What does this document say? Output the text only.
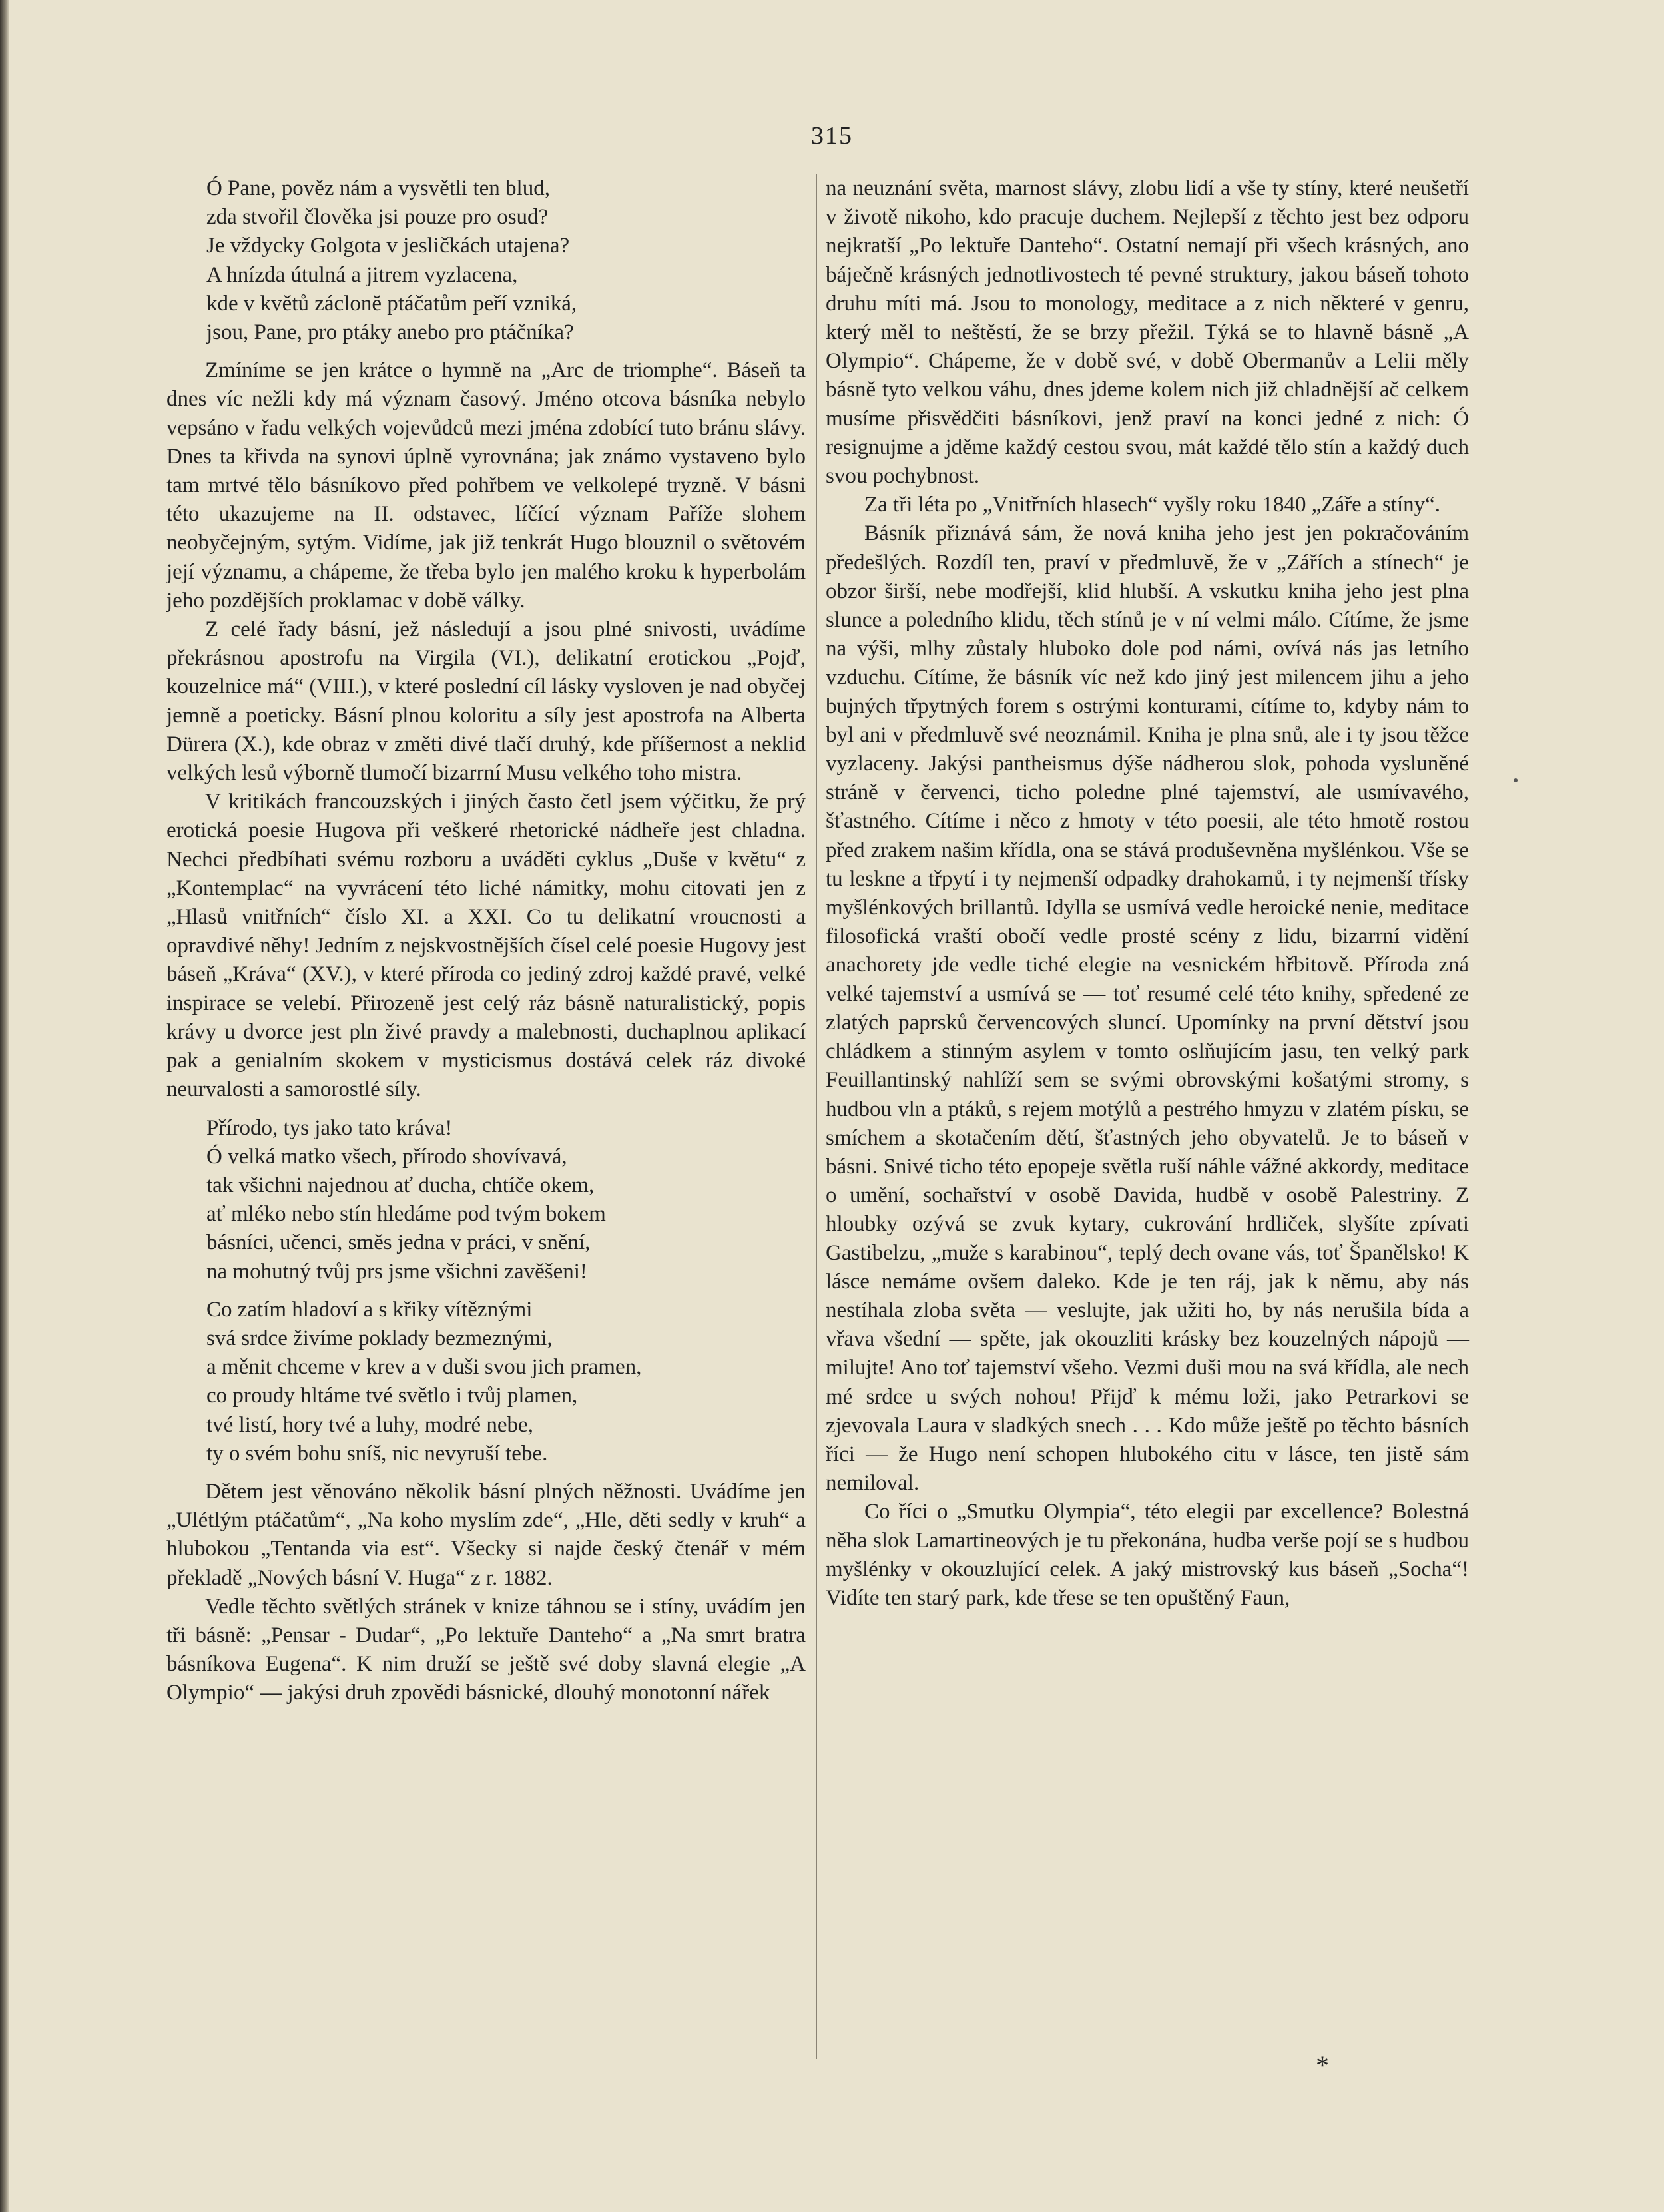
315
Ó Pane, pověz nám a vysvětli ten blud,
zda stvořil člověka jsi pouze pro osud?
Je vždycky Golgota v jesličkách utajena?
A hnízda útulná a jitrem vyzlacena,
kde v květů záclonĕ ptáčatům peří vzniká,
jsou, Pane, pro ptáky anebo pro ptáčníka?

Zmíníme se jen krátce o hymnĕ na „Arc de triomphe“. Báseň ta dnes víc nežli kdy má význam časový. Jméno otcova básníka nebylo vepsáno v řadu velkých vojevůdců mezi jména zdobící tuto bránu slávy. Dnes ta křivda na synovi úplně vyrovnána; jak známo vystaveno bylo tam mrtvé tělo básníkovo před pohřbem ve velkolepé tryzně. V básni této ukazujeme na II. odstavec, líčící význam Paříže slohem neobyčejným, sytým. Vidíme, jak již tenkrát Hugo blouznil o světovém její významu, a chápeme, že třeba bylo jen malého kroku k hyperbolám jeho pozdějších proklamac v době války.

Z celé řady básní, jež následují a jsou plné snivosti, uvádíme překrásnou apostrofu na Virgila (VI.), delikatní erotickou „Pojď, kouzelnice má“ (VIII.), v které poslední cíl lásky vysloven je nad obyčej jemně a poeticky. Básní plnou koloritu a síly jest apostrofa na Alberta Dürera (X.), kde obraz v změti divé tlačí druhý, kde příšernost a neklid velkých lesů výborně tlumočí bizarrní Musu velkého toho mistra.

V kritikách francouzských i jiných často četl jsem výčitku, že prý erotická poesie Hugova při veškeré rhetorické nádheře jest chladna. Nechci předbíhati svému rozboru a uváděti cyklus „Duše v květu“ z „Kontemplac“ na vyvrácení této liché námitky, mohu citovati jen z „Hlasů vnitřních“ číslo XI. a XXI. Co tu delikatní vroucnosti a opravdivé něhy! Jedním z nejskvostnějších čísel celé poesie Hugovy jest báseň „Kráva“ (XV.), v které příroda co jediný zdroj každé pravé, velké inspirace se velebí. Přirozeně jest celý ráz básně naturalistický, popis krávy u dvorce jest pln živé pravdy a malebnosti, duchaplnou aplikací pak a genialním skokem v mysticismus dostává celek ráz divoké neurvalosti a samorostlé síly.

Přírodo, tys jako tato kráva!
Ó velká matko všech, přírodo shovívavá,
tak všichni najednou ať ducha, chtíče okem,
ať mléko nebo stín hledáme pod tvým bokem
básníci, učenci, směs jedna v práci, v snění,
na mohutný tvůj prs jsme všichni zavěšeni!
Co zatím hladoví a s křiky vítěznými
svá srdce živíme poklady bezmeznými,
a měnit chceme v krev a v duši svou jich pramen,
co proudy hltáme tvé světlo i tvůj plamen,
tvé listí, hory tvé a luhy, modré nebe,
ty o svém bohu sníš, nic nevyruší tebe.

Dětem jest věnováno několik básní plných něžnosti. Uvádíme jen „Ulétlým ptáčatům“, „Na koho myslím zde“, „Hle, děti sedly v kruh“ a hlubokou „Tentanda via est“. Všecky si najde český čtenář v mém překladě „Nových básní V. Huga“ z r. 1882.

Vedle těchto světlých stránek v knize táhnou se i stíny, uvádím jen tři básně: „Pensar - Dudar“, „Po lektuře Danteho“ a „Na smrt bratra básníkova Eugena“. K nim druží se ještě své doby slavná elegie „A Olympio“ — jakýsi druh zpovědi básnické, dlouhý monotonní nářek

na neuznání světa, marnost slávy, zlobu lidí a vše ty stíny, které neušetří v životě nikoho, kdo pracuje duchem. Nejlepší z těchto jest bez odporu nejkratší „Po lektuře Danteho“. Ostatní nemají při všech krásných, ano báječně krásných jednotlivostech té pevné struktury, jakou báseň tohoto druhu míti má. Jsou to monology, meditace a z nich některé v genru, který měl to neštěstí, že se brzy přežil. Týká se to hlavně básně „A Olympio“. Chápeme, že v době své, v době Obermanův a Lelii měly básně tyto velkou váhu, dnes jdeme kolem nich již chladnější ač celkem musíme přisvědčiti básníkovi, jenž praví na konci jedné z nich: Ó resignujme a jděme každý cestou svou, mát každé tělo stín a každý duch svou pochybnost.

Za tři léta po „Vnitřních hlasech“ vyšly roku 1840 „Záře a stíny“.

Básník přiznává sám, že nová kniha jeho jest jen pokračováním předešlých. Rozdíl ten, praví v předmluvě, že v „Zářích a stínech“ je obzor širší, nebe modřejší, klid hlubší. A vskutku kniha jeho jest plna slunce a poledního klidu, těch stínů je v ní velmi málo. Cítíme, že jsme na výši, mlhy zůstaly hluboko dole pod námi, ovívá nás jas letního vzduchu. Cítíme, že básník víc než kdo jiný jest milencem jihu a jeho bujných třpytných forem s ostrými konturami, cítíme to, kdyby nám to byl ani v předmluvě své neoznámil. Kniha je plna snů, ale i ty jsou těžce vyzlaceny. Jakýsi pantheismus dýše nádherou slok, pohoda vysluněné stráně v červenci, ticho poledne plné tajemství, ale usmívavého, šťastného. Cítíme i něco z hmoty v této poesii, ale této hmotě rostou před zrakem našim křídla, ona se stává produševněna myšlénkou. Vše se tu leskne a třpytí i ty nejmenší odpadky drahokamů, i ty nejmenší třísky myšlénkových brillantů. Idylla se usmívá vedle heroické nenie, meditace filosofická vraští obočí vedle prosté scény z lidu, bizarrní vidění anachorety jde vedle tiché elegie na vesnickém hřbitově. Příroda zná velké tajemství a usmívá se — toť resumé celé této knihy, spředené ze zlatých paprsků červencových sluncí. Upomínky na první dětství jsou chládkem a stinným asylem v tomto oslňujícím jasu, ten velký park Feuillantinský nahlíží sem se svými obrovskými košatými stromy, s hudbou vln a ptáků, s rejem motýlů a pestrého hmyzu v zlatém písku, se smíchem a skotačením dětí, šťastných jeho obyvatelů. Je to báseň v básni. Snivé ticho této epopeje světla ruší náhle vážné akkordy, meditace o umění, sochařství v osobě Davida, hudbě v osobě Palestriny. Z hloubky ozývá se zvuk kytary, cukrování hrdliček, slyšíte zpívati Gastibelzu, „muže s karabinou“, teplý dech ovane vás, toť Španělsko! K lásce nemáme ovšem daleko. Kde je ten ráj, jak k němu, aby nás nestíhala zloba světa — veslujte, jak užiti ho, by nás nerušila bída a vřava všední — spěte, jak okouzliti krásky bez kouzelných nápojů — milujte! Ano toť tajemství všeho. Vezmi duši mou na svá křídla, ale nech mé srdce u svých nohou! Přijď k mému loži, jako Petrarkovi se zjevovala Laura v sladkých snech . . . Kdo může ještě po těchto básních říci — že Hugo není schopen hlubokého citu v lásce, ten jistě sám nemiloval.

Co říci o „Smutku Olympia“, této elegii par excellence? Bolestná něha slok Lamartineových je tu překonána, hudba verše pojí se s hudbou myšlénky v okouzlující celek. A jaký mistrovský kus báseň „Socha“! Vidíte ten starý park, kde třese se ten opuštěný Faun,

•
*
